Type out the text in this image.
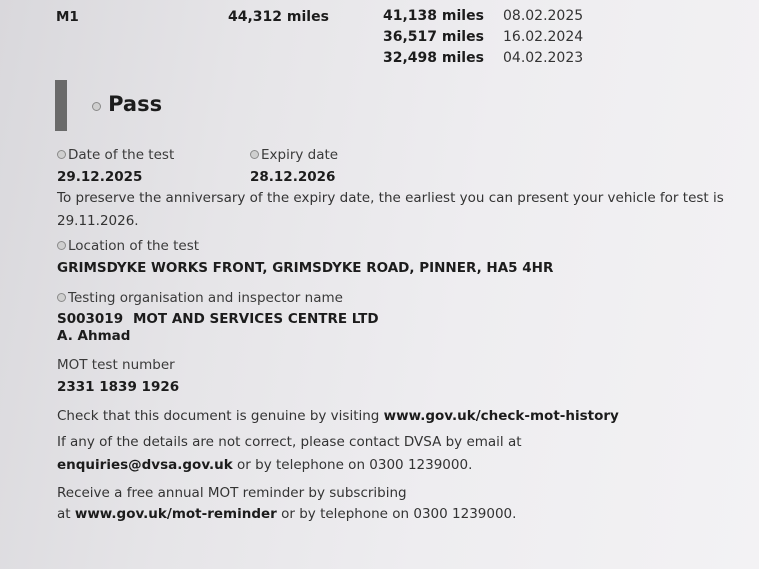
M1	44,312 miles	41,138 miles 08.02.2025
36,517 miles 16.02.2024
32,498 miles 04.02.2023
Pass
Date of the test
29.12.2025
Expiry date
28.12.2026
To preserve the anniversary of the expiry date, the earliest you can present your vehicle for test is
29.11.2026.
Location of the test
GRIMSDYKE WORKS FRONT, GRIMSDYKE ROAD, PINNER, HA5 4HR
Testing organisation and inspector name
S003019 MOT AND SERVICES CENTRE LTD
A. Ahmad
MOT test number
2331 1839 1926
Check that this document is genuine by visiting www.gov.uk/check-mot-history
If any of the details are not correct, please contact DVSA by email at
enquiries@dvsa.gov.uk or by telephone on 0300 1239000.
Receive a free annual MOT reminder by subscribing
at www.gov.uk/mot-reminder or by telephone on 0300 1239000.
